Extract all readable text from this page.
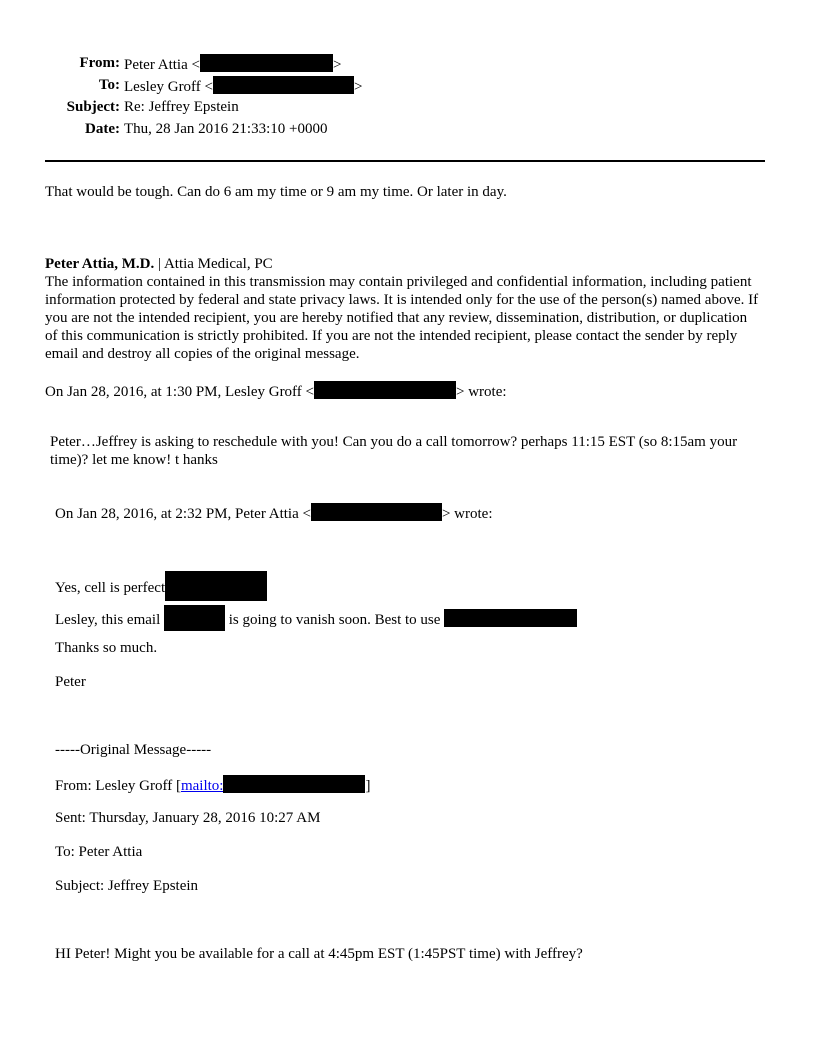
From: Peter Attia <	>
To: Lesley Groff <	>
Subject: Re: Jeffrey Epstein
Date: Thu, 28 Jan 2016 21:33:10 +0000
That would be tough. Can do 6 am my time or 9 am my time. Or later in day.
Peter Attia, M.D. | Attia Medical, PC
The information contained in this transmission may contain privileged and confidential information, including patient information protected by federal and state privacy laws. It is intended only for the use of the person(s) named above. If you are not the intended recipient, you are hereby notified that any review, dissemination, distribution, or duplication of this communication is strictly prohibited. If you are not the intended recipient, please contact the sender by reply email and destroy all copies of the original message.
On Jan 28, 2016, at 1:30 PM, Lesley Groff <	> wrote:
Peter…Jeffrey is asking to reschedule with you! Can you do a call tomorrow? perhaps 11:15 EST (so 8:15am your time)? let me know! t hanks
On Jan 28, 2016, at 2:32 PM, Peter Attia <	> wrote:
Yes, cell is perfect
Lesley, this email	is going to vanish soon. Best to use
Thanks so much.
Peter
-----Original Message-----
From: Lesley Groff [mailto:	]
Sent: Thursday, January 28, 2016 10:27 AM
To: Peter Attia
Subject: Jeffrey Epstein
HI Peter! Might you be available for a call at 4:45pm EST (1:45PST time) with Jeffrey?
